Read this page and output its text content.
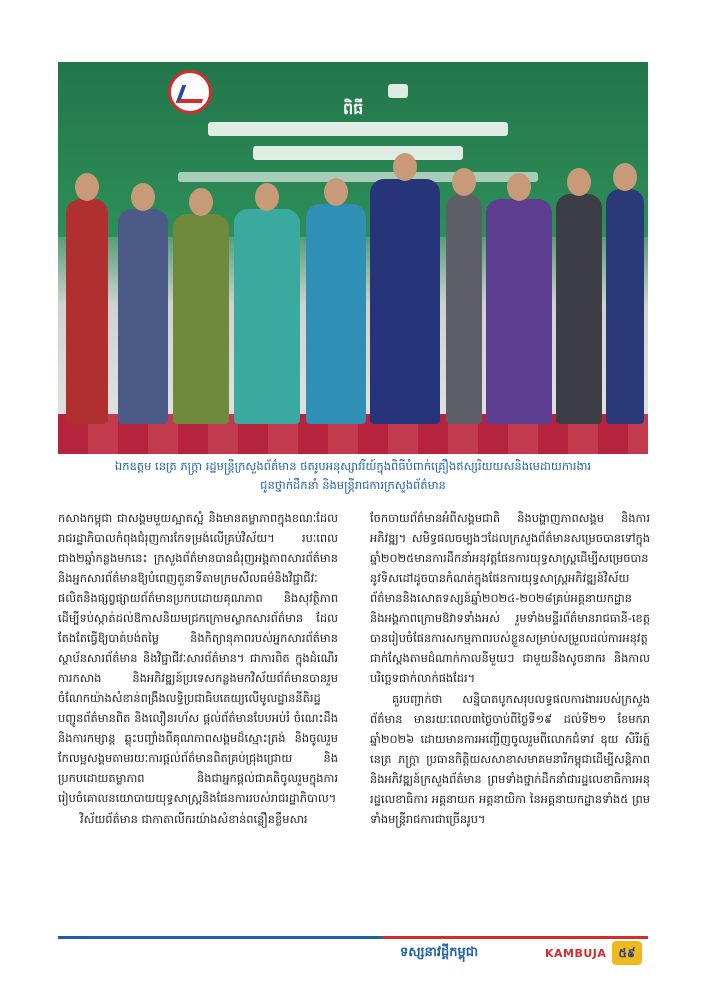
ពិធី
ឯកឧត្តម នេត្រ ភក្ត្រា រដ្ឋមន្ត្រីក្រសួងព័ត៌មាន ថតរូបអនុស្សាវរីយ៍ក្នុងពិធីបំពាក់គ្រឿងឥស្សរិយយសនិងមេដាយការងារ
ជូនថ្នាក់ដឹកនាំ និងមន្ត្រីរាជការក្រសួងព័ត៌មាន

កសាងកម្ពុជា ជាសង្គមមួយស្អាតស្អំ និងមានតម្លាភាពក្នុងខណៈដែលរាជរដ្ឋាភិបាលកំពុងជំរុញការកែទម្រង់លើគ្រប់វិស័យ។ របៈពេលជាង២ឆ្នាំកន្លងមកនេះ ក្រសួងព័ត៌មានបានជំរុញអង្គភាពសារព័ត៌មាន និងអ្នកសារព័ត៌មានឱ្យបំពេញតួនាទីតាមក្រមសីលធម៌និងវិជ្ជាជីវៈផលិតនិងផ្សព្វផ្សាយព័ត៌មានប្រកបដោយគុណភាព និងសុវត្ថិភាព ដើម្បីទប់ស្កាត់ដល់ឱកាសនិយមជ្រកក្រោមស្លាកសារព័ត៌មាន ដែលតែងតែធ្វើឱ្យបាត់បង់តម្លៃ និងកិត្យានុភាពរបស់អ្នកសារព័ត៌មាន ស្ថាប័នសារព័ត៌មាន និងវិជ្ជាជីវៈសារព័ត៌មាន។ ជាការពិត ក្នុងដំណើរការកសាង និងអភិវឌ្ឍន៍ប្រទេសកន្លងមកវិស័យព័ត៌មានបានរួមចំណែកយ៉ាងសំខាន់ពង្រឹងលទ្ធិប្រជាធិបតេយ្យលើមូលដ្ឋាននីតិរដ្ឋ បញ្ជូនព័ត៌មានពិត និងលឿនរហ័ស ផ្តល់ព័ត៌មានបែបអប់រំ ចំណេះដឹង និងការកម្សាន្ត ឆ្លុះបញ្ចាំងពីគុណភាពសង្គមដ៏ស្មោះត្រង់ និងចូលរួមកែលម្អសង្គមតាមរយៈការផ្តល់ព័ត៌មានពិតគ្រប់ជ្រុងជ្រោយ និងប្រកបដោយតម្លាភាព និងជាអ្នកផ្តល់ជាគតិចូលរួមក្នុងការរៀបចំគោលនយោបាយយុទ្ធសាស្ត្រនិងផែនការរបស់រាជរដ្ឋាភិបាល។

វិស័យព័ត៌មាន ជាកាតាលីករយ៉ាងសំខាន់ពន្លឿនខ្លឹមសារ

ចែកចាយព័ត៌មានអំពីសង្គមជាតិ និងបង្ហាញភាពសង្គម និងការអភិវឌ្ឍ។ សមិទ្ធផលចម្បងៗដែលក្រសួងព័ត៌មានសម្រេចបានទៅក្នុងឆ្នាំ២០២៥មានការដឹកនាំអនុវត្តផែនការយុទ្ធសាស្ត្រដើម្បីសម្រេចបាននូវទិសដៅដូចបានកំណត់ក្នុងផែនការយុទ្ធសាស្ត្រអភិវឌ្ឍន៍វិស័យព័ត៌មាននិងសោតទស្សន៍ឆ្នាំ២០២៤-២០២៨គ្រប់អគ្គនាយកដ្ឋាន និងអង្គភាពក្រោមឱវាទទាំងអស់ រួមទាំងមន្ទីរព័ត៌មានរាជធានី-ខេត្ត បានរៀបចំផែនការសកម្មភាពរបស់ខ្លួនសម្រាប់សម្រួលដល់ការអនុវត្តជាក់ស្តែងតាមដំណាក់កាលនីមួយៗ ជាមួយនឹងសូចនាករ និងកាលបរិច្ឆេទជាក់លាក់ផងដែរ។

គួរបញ្ជាក់ថា សន្និបាតបូកសរុបលទ្ធផលការងាររបស់ក្រសួងព័ត៌មាន មានរយៈពេល៣ថ្ងៃចាប់ពីថ្ងៃទី១៩ ដល់ទី២១ ខែមករា ឆ្នាំ២០២៦ ដោយមានការអញ្ជើញចូលរួមពីលោកជំទាវ ឧុយ សិរីរត្ន៍ នេត្រ ភក្ត្រា ប្រធានកិត្តិយសសាខាសមាគមនារីកម្ពុជាដើម្បីសន្តិភាព និងអភិវឌ្ឍន៍ក្រសួងព័ត៌មាន ព្រមទាំងថ្នាក់ដឹកនាំជារដ្ឋលេខាធិការអនុរដ្ឋលេខាធិការ អគ្គនាយក អគ្គនាយិកា នៃអគ្គនាយកដ្ឋានទាំង៥ ព្រមទាំងមន្ត្រីរាជការជាច្រើនរូប។

ទស្សនាវដ្តីកម្ពុជា	KAMBUJA	៥៩
